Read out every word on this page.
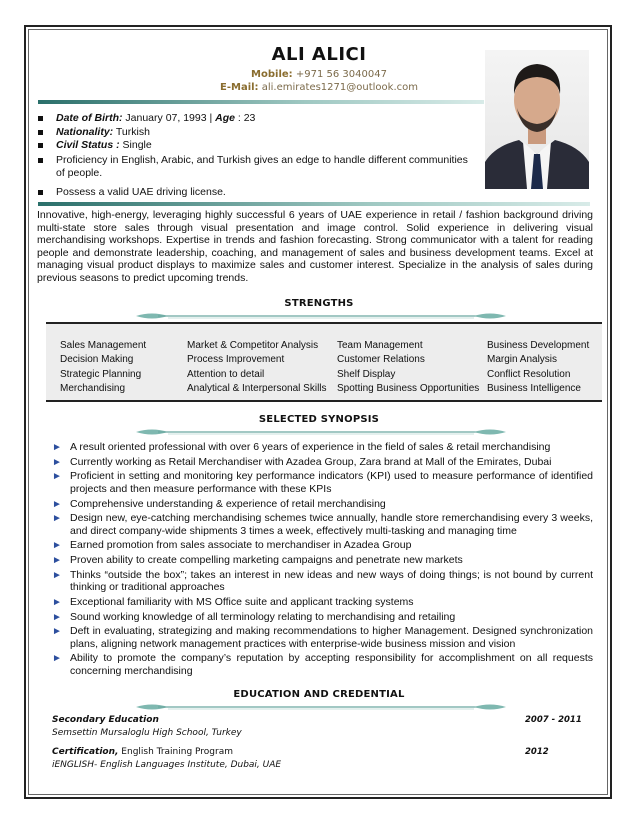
ALI ALICI
Mobile: +971 56 3040047
E-Mail: ali.emirates1271@outlook.com
Date of Birth: January 07, 1993 | Age : 23
Nationality: Turkish
Civil Status : Single
Proficiency in English, Arabic, and Turkish gives an edge to handle different communities of people.
Possess a valid UAE driving license.
Innovative, high-energy, leveraging highly successful 6 years of UAE experience in retail / fashion background driving multi-state store sales through visual presentation and image control. Solid experience in delivering visual merchandising workshops. Expertise in trends and fashion forecasting. Strong communicator with a talent for reading people and demonstrate leadership, coaching, and management of sales and business development teams. Excel at managing visual product displays to maximize sales and customer interest. Specialize in the analysis of sales during previous seasons to predict upcoming trends.
STRENGTHS
Sales Management
Decision Making
Strategic Planning
Merchandising
Market & Competitor Analysis
Process Improvement
Attention to detail
Analytical & Interpersonal Skills
Team Management
Customer Relations
Shelf Display
Spotting Business Opportunities
Business Development
Margin Analysis
Conflict Resolution
Business Intelligence
SELECTED SYNOPSIS
► A result oriented professional with over 6 years of experience in the field of sales & retail merchandising
► Currently working as Retail Merchandiser with Azadea Group, Zara brand at Mall of the Emirates, Dubai
► Proficient in setting and monitoring key performance indicators (KPI) used to measure performance of identified projects and then measure performance with these KPIs
► Comprehensive understanding & experience of retail merchandising
► Design new, eye-catching merchandising schemes twice annually, handle store remerchandising every 3 weeks, and direct company-wide shipments 3 times a week, effectively multi-tasking and managing time
► Earned promotion from sales associate to merchandiser in Azadea Group
► Proven ability to create compelling marketing campaigns and penetrate new markets
► Thinks “outside the box”; takes an interest in new ideas and new ways of doing things; is not bound by current thinking or traditional approaches
► Exceptional familiarity with MS Office suite and applicant tracking systems
► Sound working knowledge of all terminology relating to merchandising and retailing
► Deft in evaluating, strategizing and making recommendations to higher Management. Designed synchronization plans, aligning network management practices with enterprise-wide business mission and vision
► Ability to promote the company’s reputation by accepting responsibility for accomplishment on all requests concerning merchandising
EDUCATION AND CREDENTIAL
Secondary Education
Semsettin Mursaloglu High School, Turkey
2007 - 2011
Certification, English Training Program
iENGLISH- English Languages Institute, Dubai, UAE
2012
